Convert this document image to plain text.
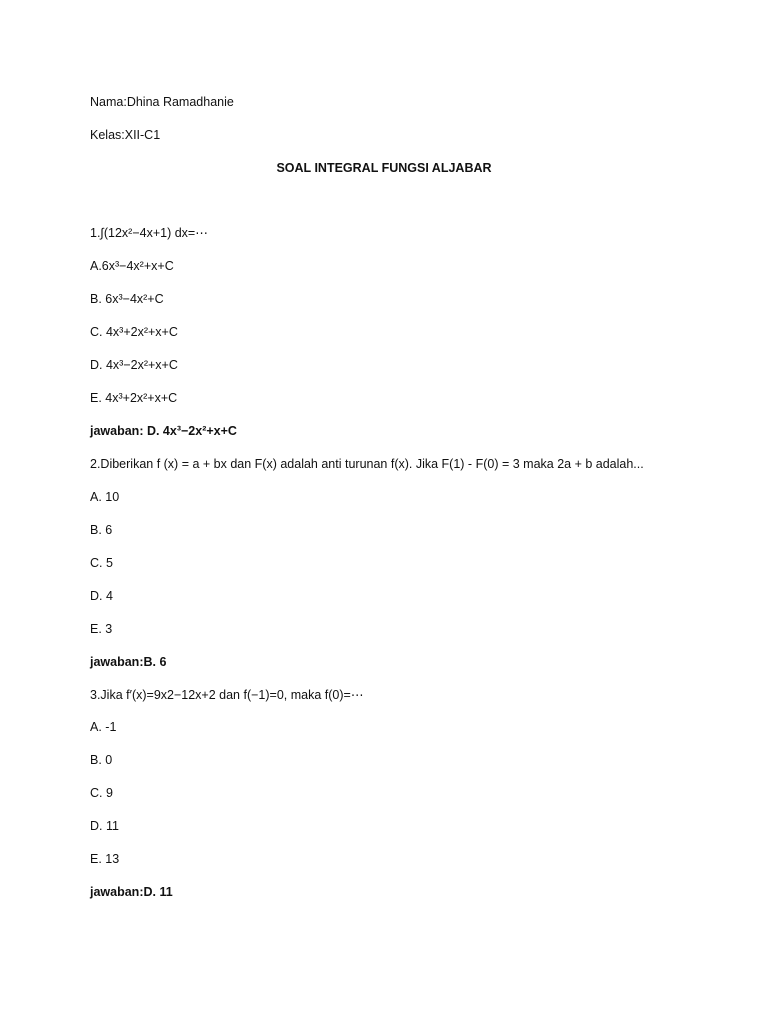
Nama:Dhina Ramadhanie
Kelas:XII-C1
SOAL INTEGRAL FUNGSI ALJABAR
1.∫(12x²−4x+1) dx=⋯
A.6x³−4x²+x+C
B. 6x³−4x²+C
C. 4x³+2x²+x+C
D. 4x³−2x²+x+C
E. 4x³+2x²+x+C
jawaban: D. 4x³−2x²+x+C
2.Diberikan f (x) = a + bx dan F(x) adalah anti turunan f(x). Jika F(1) - F(0) = 3 maka 2a + b adalah...
A. 10
B. 6
C. 5
D. 4
E. 3
jawaban:B. 6
3.Jika f′(x)=9x2−12x+2 dan f(−1)=0, maka f(0)=⋯
A. -1
B. 0
C. 9
D. 11
E. 13
jawaban:D. 11
